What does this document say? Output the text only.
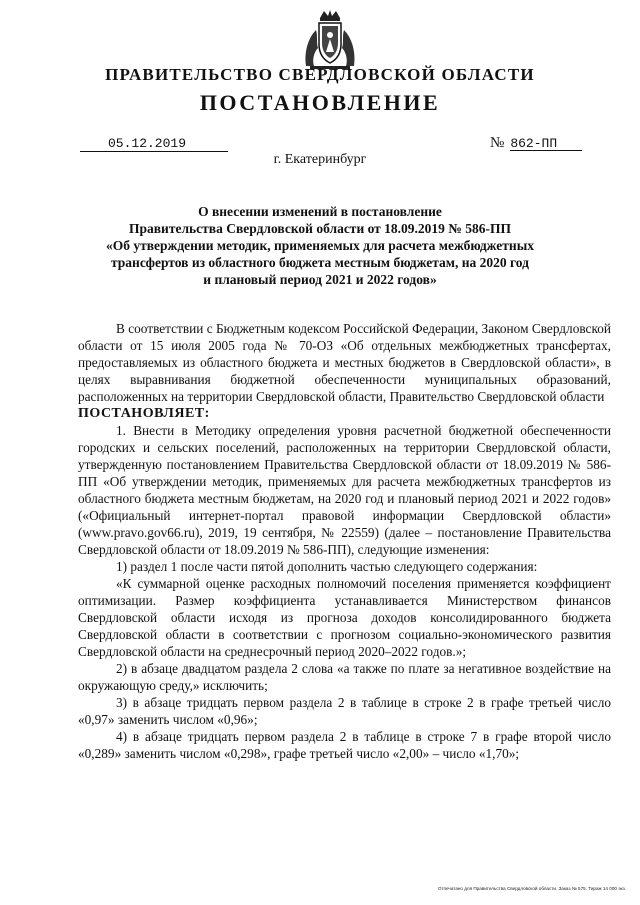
ПРАВИТЕЛЬСТВО СВЕРДЛОВСКОЙ ОБЛАСТИ
ПОСТАНОВЛЕНИЕ
05.12.2019	№ 862-ПП
г. Екатеринбург
О внесении изменений в постановление
Правительства Свердловской области от 18.09.2019 № 586-ПП
«Об утверждении методик, применяемых для расчета межбюджетных
трансфертов из областного бюджета местным бюджетам, на 2020 год
и плановый период 2021 и 2022 годов»

В соответствии с Бюджетным кодексом Российской Федерации, Законом Свердловской области от 15 июля 2005 года № 70-ОЗ «Об отдельных межбюджетных трансфертах, предоставляемых из областного бюджета и местных бюджетов в Свердловской области», в целях выравнивания бюджетной обеспеченности муниципальных образований, расположенных на территории Свердловской области, Правительство Свердловской области

ПОСТАНОВЛЯЕТ:

1. Внести в Методику определения уровня расчетной бюджетной обеспеченности городских и сельских поселений, расположенных на территории Свердловской области, утвержденную постановлением Правительства Свердловской области от 18.09.2019 № 586-ПП «Об утверждении методик, применяемых для расчета межбюджетных трансфертов из областного бюджета местным бюджетам, на 2020 год и плановый период 2021 и 2022 годов» («Официальный интернет-портал правовой информации Свердловской области» (www.pravo.gov66.ru), 2019, 19 сентября, № 22559) (далее – постановление Правительства Свердловской области от 18.09.2019 № 586-ПП), следующие изменения:

1) раздел 1 после части пятой дополнить частью следующего содержания:

«К суммарной оценке расходных полномочий поселения применяется коэффициент оптимизации. Размер коэффициента устанавливается Министерством финансов Свердловской области исходя из прогноза доходов консолидированного бюджета Свердловской области в соответствии с прогнозом социально-экономического развития Свердловской области на среднесрочный период 2020–2022 годов.»;

2) в абзаце двадцатом раздела 2 слова «а также по плате за негативное воздействие на окружающую среду,» исключить;

3) в абзаце тридцать первом раздела 2 в таблице в строке 2 в графе третьей число «0,97» заменить числом «0,96»;

4) в абзаце тридцать первом раздела 2 в таблице в строке 7 в графе второй число «0,289» заменить числом «0,298», графе третьей число «2,00» – число «1,70»;

Отпечатано для Правительства Свердловской области. Заказ № 575. Тираж 14 000 экз.
